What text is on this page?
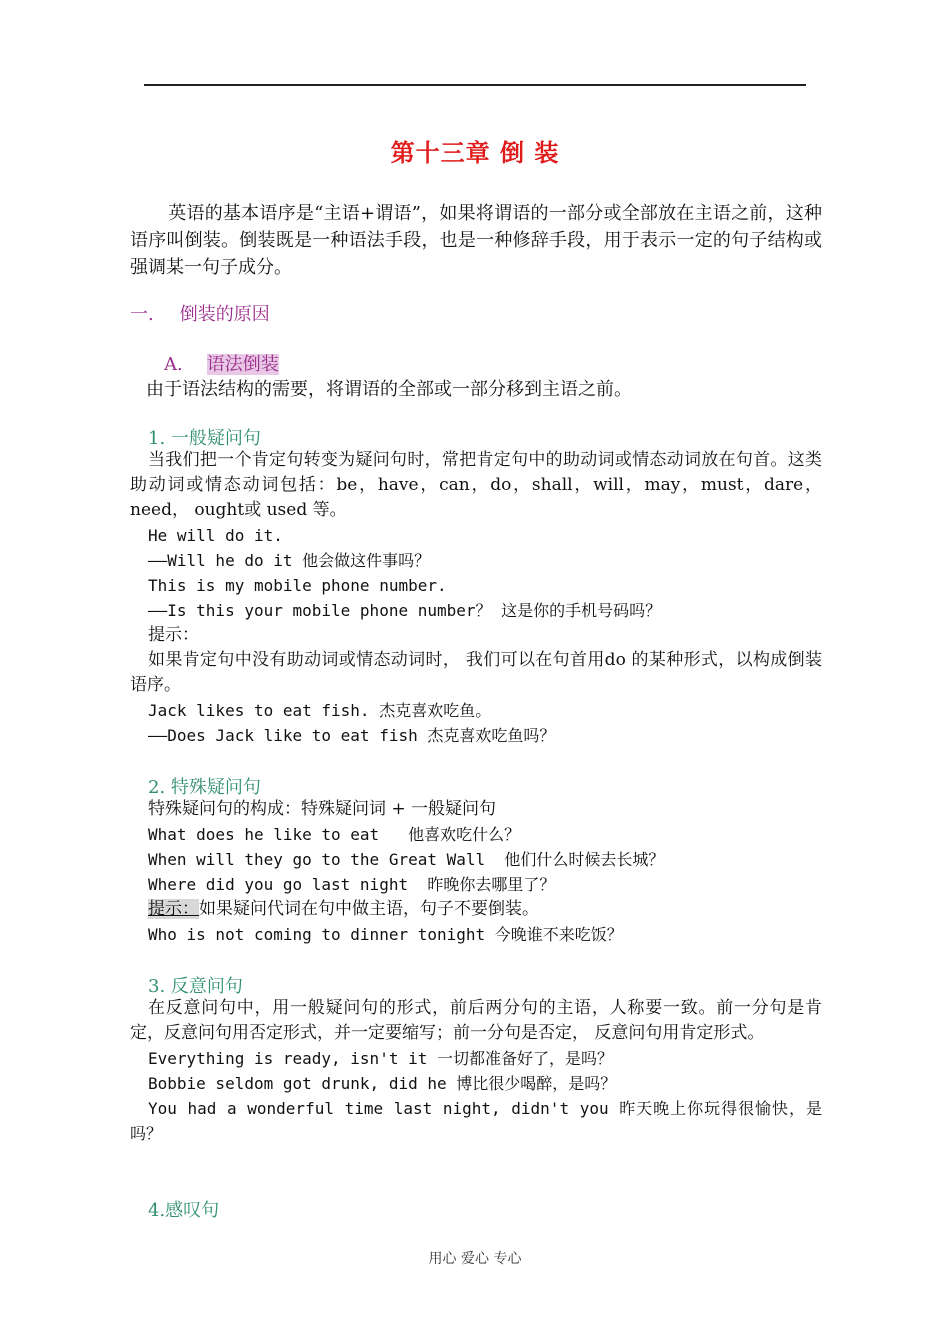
第十三章 倒 装
英语的基本语序是“主语+谓语”，如果将谓语的一部分或全部放在主语之前，这种语序叫倒装。倒装既是一种语法手段，也是一种修辞手段，用于表示一定的句子结构或强调某一句子成分。
一. 倒装的原因
A. 语法倒装
由于语法结构的需要，将谓语的全部或一部分移到主语之前。
1. 一般疑问句
当我们把一个肯定句转变为疑问句时，常把肯定句中的助动词或情态动词放在句首。这类助动词或情态动词包括：be，have，can，do，shall，will，may，must，dare， need， ought或 used 等。
He will do it.
——Will he do it 他会做这件事吗？
This is my mobile phone number.
——Is this your mobile phone number？ 这是你的手机号码吗？
提示：
如果肯定句中没有助动词或情态动词时， 我们可以在句首用do 的某种形式，以构成倒装语序。
Jack likes to eat fish. 杰克喜欢吃鱼。
——Does Jack like to eat fish 杰克喜欢吃鱼吗？
2. 特殊疑问句
特殊疑问句的构成：特殊疑问词 + 一般疑问句
What does he like to eat   他喜欢吃什么？
When will they go to the Great Wall  他们什么时候去长城？
Where did you go last night  昨晚你去哪里了？
提示：如果疑问代词在句中做主语，句子不要倒装。
Who is not coming to dinner tonight 今晚谁不来吃饭？
3. 反意问句
在反意问句中，用一般疑问句的形式，前后两分句的主语，人称要一致。前一分句是肯定，反意问句用否定形式，并一定要缩写；前一分句是否定， 反意问句用肯定形式。
Everything is ready, isn't it 一切都准备好了，是吗？
Bobbie seldom got drunk, did he 博比很少喝醉，是吗？
You had a wonderful time last night, didn't you 昨天晚上你玩得很愉快，是吗？
4.感叹句
用心 爱心 专心
